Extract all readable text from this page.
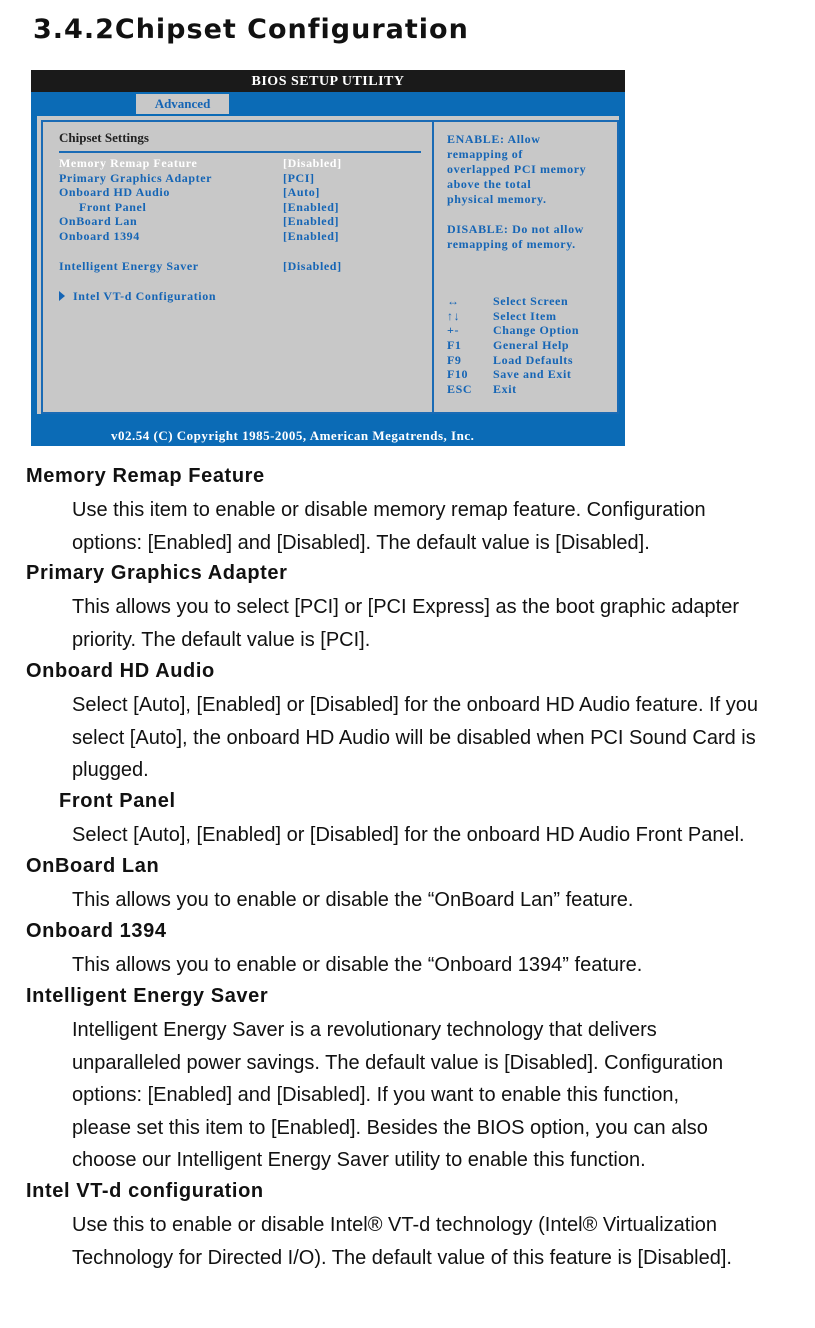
3.4.2Chipset Configuration
BIOS SETUP UTILITY
Advanced
Chipset Settings
Memory Remap Feature	[Disabled]
Primary Graphics Adapter	[PCI]
Onboard HD Audio	[Auto]
Front Panel	[Enabled]
OnBoard Lan	[Enabled]
Onboard 1394	[Enabled]
Intelligent Energy Saver	[Disabled]
Intel VT-d Configuration
ENABLE: Allow
remapping of
overlapped PCI memory
above the total
physical memory.
DISABLE: Do not allow
remapping of memory.
↔	Select Screen
↑↓	Select Item
+-	Change Option
F1	General Help
F9	Load Defaults
F10 Save and Exit
ESC Exit
v02.54 (C) Copyright 1985-2005, American Megatrends, Inc.
Memory Remap Feature

Use this item to enable or disable memory remap feature. Configuration

options: [Enabled] and [Disabled]. The default value is [Disabled].

Primary Graphics Adapter

This allows you to select [PCI] or [PCI Express] as the boot graphic adapter

priority. The default value is [PCI].

Onboard HD Audio

Select [Auto], [Enabled] or [Disabled] for the onboard HD Audio feature. If you

select [Auto], the onboard HD Audio will be disabled when PCI Sound Card is

plugged.

Front Panel

Select [Auto], [Enabled] or [Disabled] for the onboard HD Audio Front Panel.

OnBoard Lan

This allows you to enable or disable the “OnBoard Lan” feature.

Onboard 1394

This allows you to enable or disable the “Onboard 1394” feature.

Intelligent Energy Saver

Intelligent Energy Saver is a revolutionary technology that delivers

unparalleled power savings. The default value is [Disabled]. Configuration

options: [Enabled] and [Disabled]. If you want to enable this function,

please set this item to [Enabled]. Besides the BIOS option, you can also

choose our Intelligent Energy Saver utility to enable this function.

Intel VT-d configuration

Use this to enable or disable Intel® VT-d technology (Intel® Virtualization

Technology for Directed I/O). The default value of this feature is [Disabled].
